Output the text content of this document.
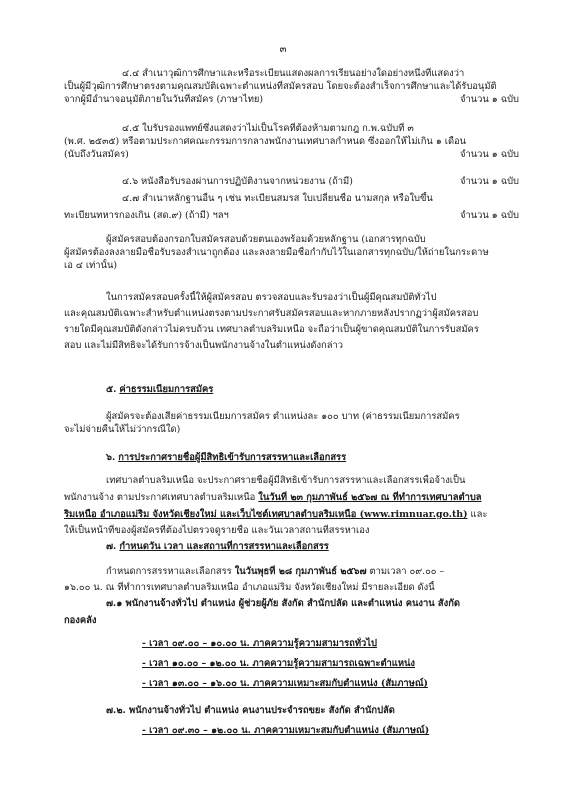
๓
๔.๔ สำเนาวุฒิการศึกษาและหรือระเบียนแสดงผลการเรียนอย่างใดอย่างหนึ่งที่แสดงว่า
เป็นผู้มีวุฒิการศึกษาตรงตามคุณสมบัติเฉพาะตำแหน่งที่สมัครสอบ โดยจะต้องสำเร็จการศึกษาและได้รับอนุมัติ
จากผู้มีอำนาจอนุมัติภายในวันที่สมัคร (ภาษาไทย)	จำนวน ๑ ฉบับ
๔.๕ ใบรับรองแพทย์ซึ่งแสดงว่าไม่เป็นโรคที่ต้องห้ามตามกฎ ก.พ.ฉบับที่ ๓
(พ.ศ. ๒๕๓๕) หรือตามประกาศคณะกรรมการกลางพนักงานเทศบาลกำหนด ซึ่งออกให้ไม่เกิน ๑ เดือน
(นับถึงวันสมัคร)	จำนวน ๑ ฉบับ
๔.๖ หนังสือรับรองผ่านการปฏิบัติงานจากหน่วยงาน (ถ้ามี)	จำนวน ๑ ฉบับ
๔.๗ สำเนาหลักฐานอื่น ๆ เช่น ทะเบียนสมรส ใบเปลี่ยนชื่อ นามสกุล หรือใบขึ้น
ทะเบียนทหารกองเกิน (สด.๙) (ถ้ามี) ฯลฯ	จำนวน ๑ ฉบับ
ผู้สมัครสอบต้องกรอกใบสมัครสอบด้วยตนเองพร้อมด้วยหลักฐาน (เอกสารทุกฉบับ
ผู้สมัครต้องลงลายมือชื่อรับรองสำเนาถูกต้อง และลงลายมือชื่อกำกับไว้ในเอกสารทุกฉบับ/ให้ถ่ายในกระดาษ
เอ ๔ เท่านั้น)
ในการสมัครสอบครั้งนี้ให้ผู้สมัครสอบ ตรวจสอบและรับรองว่าเป็นผู้มีคุณสมบัติทั่วไป
และคุณสมบัติเฉพาะสำหรับตำแหน่งตรงตามประกาศรับสมัครสอบและหากภายหลังปรากฏว่าผู้สมัครสอบ
รายใดมีคุณสมบัติดังกล่าวไม่ครบถ้วน เทศบาลตำบลริมเหนือ จะถือว่าเป็นผู้ขาดคุณสมบัติในการรับสมัคร
สอบ และไม่มีสิทธิจะได้รับการจ้างเป็นพนักงานจ้างในตำแหน่งดังกล่าว
๕. ค่าธรรมเนียมการสมัคร
ผู้สมัครจะต้องเสียค่าธรรมเนียมการสมัคร ตำแหน่งละ ๑๐๐ บาท (ค่าธรรมเนียมการสมัคร
จะไม่จ่ายคืนให้ไม่ว่ากรณีใด)
๖. การประกาศรายชื่อผู้มีสิทธิเข้ารับการสรรหาและเลือกสรร
เทศบาลตำบลริมเหนือ จะประกาศรายชื่อผู้มีสิทธิเข้ารับการสรรหาและเลือกสรรเพื่อจ้างเป็น
พนักงานจ้าง ตามประกาศเทศบาลตำบลริมเหนือ ในวันที่ ๒๓ กุมภาพันธ์ ๒๕๖๗ ณ ที่ทำการเทศบาลตำบล
ริมเหนือ อำเภอแม่ริม จังหวัดเชียงใหม่ และเว็บไซต์เทศบาลตำบลริมเหนือ (www.rimnuar.go.th) และ
ให้เป็นหน้าที่ของผู้สมัครที่ต้องไปตรวจดูรายชื่อ และวันเวลาสถานที่สรรหาเอง
๗. กำหนดวัน เวลา และสถานที่การสรรหาและเลือกสรร
กำหนดการสรรหาและเลือกสรร ในวันพุธที่ ๒๘ กุมภาพันธ์ ๒๕๖๗ ตามเวลา ๐๙.๐๐ –
๑๖.๐๐ น. ณ ที่ทำการเทศบาลตำบลริมเหนือ อำเภอแม่ริม จังหวัดเชียงใหม่ มีรายละเอียด ดังนี้
๗.๑ พนักงานจ้างทั่วไป ตำแหน่ง ผู้ช่วยผู้ภัย สังกัด สำนักปลัด และตำแหน่ง คนงาน สังกัด
กองคลัง
- เวลา ๐๙.๐๐ – ๑๐.๐๐ น. ภาคความรู้ความสามารถทั่วไป
- เวลา ๑๐.๐๐ – ๑๒.๐๐ น. ภาคความรู้ความสามารถเฉพาะตำแหน่ง
- เวลา ๑๓.๐๐ – ๑๖.๐๐ น. ภาคความเหมาะสมกับตำแหน่ง (สัมภาษณ์)
๗.๒. พนักงานจ้างทั่วไป ตำแหน่ง คนงานประจำรถขยะ สังกัด สำนักปลัด
- เวลา ๐๙.๓๐ – ๑๒.๐๐ น. ภาคความเหมาะสมกับตำแหน่ง (สัมภาษณ์)
